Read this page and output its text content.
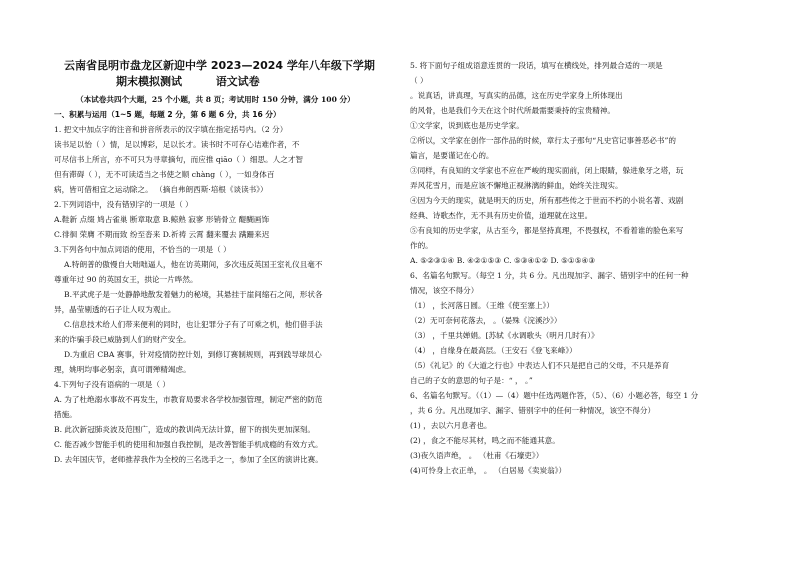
云南省昆明市盘龙区新迎中学 2023—2024 学年八年级下学期
期末模拟测试	语文试卷
（本试卷共四个大题，25 个小题，共 8 页；考试用时 150 分钟，满分 100 分）
一、积累与运用（1~5 题，每题 2 分，第 6 题 6 分，共 16 分）
1. 把文中加点字的注音和拼音所表示的汉字填在指定括号内。（2 分）
读书足以怡（ ）情，足以博彩，足以长才。读书时不可存心诘难作者，不
可尽信书上所言，亦不可只为寻章摘句，而应推 qiāo（ ）细思。人之才智
但有滞碍（ ），无不可读适当之书使之顺 chàng（ ），一如身体百
病，皆可借相宜之运动除之。 （摘自弗朗西斯·培根《谈读书》）
2.下列词语中，没有错别字的一项是（ ）
A.鞋新 点缀 鸠占雀巢 断章取意 B.鲸熟 寂寥 形销骨立 醍醐画饰
C.徘徊 荣膺 不期而致 纷至沓来 D.祈祷 云霄 翻来覆去 蹒跚来迟
3.下列各句中加点词语的使用，不恰当的一项是（ ）
A.特朗普的傲慢自大咄咄逼人，他在访英期间，多次违反英国王室礼仪且毫不
尊重年过 90 的英国女王，拱论一片哗然。
B.平武虎子是一处静静地散发着魅力的秘境，其悬挂于崖间缩石之间，形状各
异，晶莹剔透的石子让人叹为观止。
C.信息技术给人们带来便利的同时，也让犯罪分子有了可乘之机，他们借手法
来的诈骗手段已威胁到人们的财产安全。
D.为重启 CBA 赛事，针对疫情防控计划，到修订赛制规则，再到践导球员心
理，姚明均事必躬亲，真可谓殚精竭虑。
4.下列句子没有语病的一项是（ ）
A. 为了杜绝溺水事故不再发生，市教育局要求各学校加强管理，制定严密的防范
措施。
B. 此次新冠肺炎波及范围广，造成的教训尚无法计算，留下的损失更加深刻。
C. 能否减少智能手机的使用和加强自我控制，是改善智能手机成瘾的有效方式。
D. 去年国庆节，老师推荐我作为全校的三名选手之一，参加了全区的演讲比赛。
5. 将下面句子组成语意连贯的一段话，填写在横线处，排列最合适的一项是
（ ）
。说真话，讲真理，写真实的品德，这在历史学家身上所体现出
的风骨，也是我们今天在这个时代所最需要秉持的宝贵精神。
①文学家，说到底也是历史学家。
②所以，文学家在创作一部作品的时候，章行太子那句“凡史官记事善恶必书”的
篇言，是要谨记在心的。
③同样，有良知的文学家也不应在严峻的现实面前，闭上眼睛，躲进象牙之塔，玩
弄风花雪月，而是应该不懈地正视淋漓的鲜血，始终关注现实。
④因为今天的现实，就是明天的历史，所有那些传之于世而不朽的小说名著、戏剧
经典、诗歌杰作，无不具有历史价值，道理就在这里。
⑤有良知的历史学家，从古至今，都是坚持真理，不畏强权，不看着谁的脸色来写
作的。
A. ⑤②③①④ B. ④②①⑤③ C. ⑤③④①② D. ⑤①⑤④③
6、名篇名句默写。（每空 1 分，共 6 分。凡出现加字、漏字、错别字中的任何一种
情况，该空不得分）
（1） ，长河落日圆。（王维《使至塞上》）
（2）无可奈何花落去， 。（晏殊《浣溪沙》）
（3） ，千里共婵娟。[苏轼《水调歌头（明月几时有）》
（4） ，自缘身在最高层。（王安石《登飞来峰》）
（5）《礼记》的《大道之行也》中表达人们不只是把自己的父母，不只是养育
自己的子女的意思的句子是：“ ， 。”
6、名篇名句默写。（（1）—（4）题中任选两题作答，（5）、（6）小题必答，每空 1 分
，共 6 分。凡出现加字、漏字、错别字中的任何一种情况，该空不得分）
(1) ，去以六月息者也。
(2) ，食之不能尽其材，鸣之而不能通其意。
(3)夜久语声绝， 。 （杜甫《石壕吏》）
(4)可怜身上衣正单， 。 （白居易《卖炭翁》）
